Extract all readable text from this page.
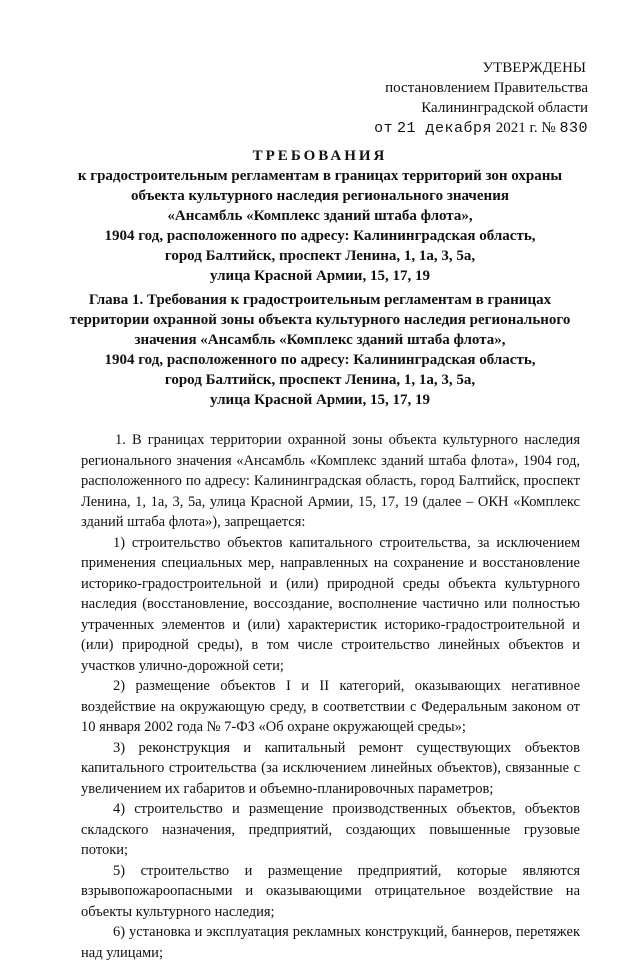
УТВЕРЖДЕНЫ
постановлением Правительства
Калининградской области
от 21 декабря 2021 г. № 830
ТРЕБОВАНИЯ
к градостроительным регламентам в границах территорий зон охраны
объекта культурного наследия регионального значения
«Ансамбль «Комплекс зданий штаба флота»,
1904 год, расположенного по адресу: Калининградская область,
город Балтийск, проспект Ленина, 1, 1а, 3, 5а,
улица Красной Армии, 15, 17, 19
Глава 1. Требования к градостроительным регламентам в границах
территории охранной зоны объекта культурного наследия регионального
значения «Ансамбль «Комплекс зданий штаба флота»,
1904 год, расположенного по адресу: Калининградская область,
город Балтийск, проспект Ленина, 1, 1а, 3, 5а,
улица Красной Армии, 15, 17, 19

1. В границах территории охранной зоны объекта культурного наследия регионального значения «Ансамбль «Комплекс зданий штаба флота», 1904 год, расположенного по адресу: Калининградская область, город Балтийск, проспект Ленина, 1, 1а, 3, 5а, улица Красной Армии, 15, 17, 19 (далее – ОКН «Комплекс зданий штаба флота»), запрещается:

1) строительство объектов капитального строительства, за исключением применения специальных мер, направленных на сохранение и восстановление историко-градостроительной и (или) природной среды объекта культурного наследия (восстановление, воссоздание, восполнение частично или полностью утраченных элементов и (или) характеристик историко-градостроительной и (или) природной среды), в том числе строительство линейных объектов и участков улично-дорожной сети;

2) размещение объектов I и II категорий, оказывающих негативное воздействие на окружающую среду, в соответствии с Федеральным законом от 10 января 2002 года № 7-ФЗ «Об охране окружающей среды»;

3) реконструкция и капитальный ремонт существующих объектов капитального строительства (за исключением линейных объектов), связанные с увеличением их габаритов и объемно-планировочных параметров;

4) строительство и размещение производственных объектов, объектов складского назначения, предприятий, создающих повышенные грузовые потоки;

5) строительство и размещение предприятий, которые являются взрывопожароопасными и оказывающими отрицательное воздействие на объекты культурного наследия;

6) установка и эксплуатация рекламных конструкций, баннеров, перетяжек над улицами;
